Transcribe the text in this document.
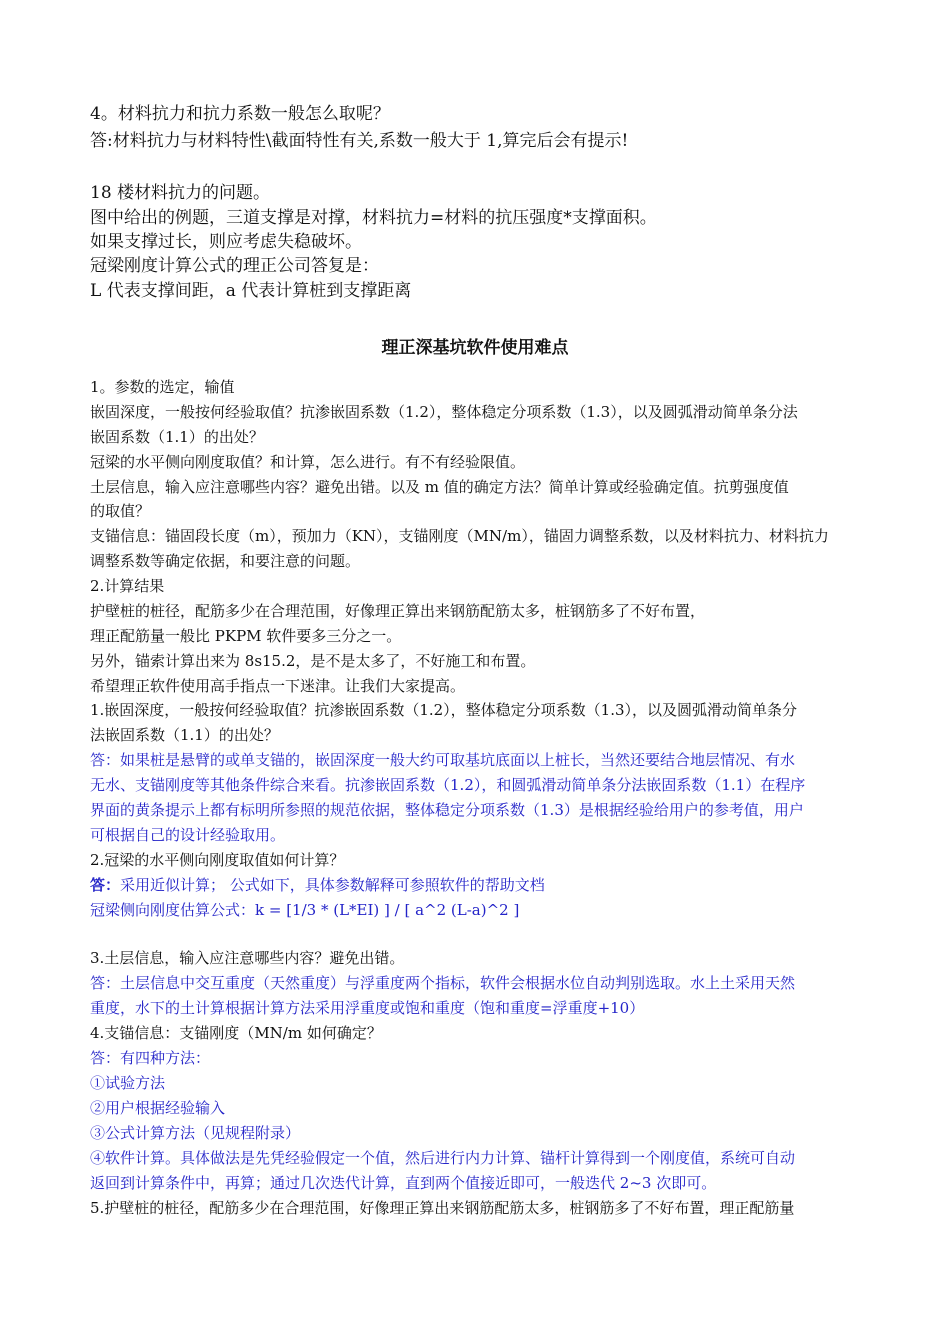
4。材料抗力和抗力系数一般怎么取呢？
答:材料抗力与材料特性\截面特性有关,系数一般大于 1,算完后会有提示!
18 楼材料抗力的问题。
图中给出的例题，三道支撑是对撑，材料抗力=材料的抗压强度*支撑面积。
如果支撑过长，则应考虑失稳破坏。
冠梁刚度计算公式的理正公司答复是：
L 代表支撑间距，a 代表计算桩到支撑距离
理正深基坑软件使用难点
1。参数的选定，输值
嵌固深度，一般按何经验取值？抗渗嵌固系数（1.2），整体稳定分项系数（1.3），以及圆弧滑动简单条分法
嵌固系数（1.1）的出处？
冠梁的水平侧向刚度取值？和计算，怎么进行。有不有经验限值。
土层信息，输入应注意哪些内容？避免出错。以及 m 值的确定方法？简单计算或经验确定值。抗剪强度值
的取值？
支锚信息：锚固段长度（m），预加力（KN），支锚刚度（MN/m），锚固力调整系数，以及材料抗力、材料抗力
调整系数等确定依据，和要注意的问题。
2.计算结果
护壁桩的桩径，配筋多少在合理范围，好像理正算出来钢筋配筋太多，桩钢筋多了不好布置，
理正配筋量一般比 PKPM 软件要多三分之一。
另外，锚索计算出来为 8s15.2，是不是太多了，不好施工和布置。
希望理正软件使用高手指点一下迷津。让我们大家提高。
1.嵌固深度，一般按何经验取值？抗渗嵌固系数（1.2），整体稳定分项系数（1.3），以及圆弧滑动简单条分
法嵌固系数（1.1）的出处？
答：如果桩是悬臂的或单支锚的，嵌固深度一般大约可取基坑底面以上桩长，当然还要结合地层情况、有水
无水、支锚刚度等其他条件综合来看。抗渗嵌固系数（1.2），和圆弧滑动简单条分法嵌固系数（1.1）在程序
界面的黄条提示上都有标明所参照的规范依据，整体稳定分项系数（1.3）是根据经验给用户的参考值，用户
可根据自己的设计经验取用。
2.冠梁的水平侧向刚度取值如何计算？
答：采用近似计算； 公式如下，具体参数解释可参照软件的帮助文档
冠梁侧向刚度估算公式：k = [1/3 * (L*EI) ] / [ a^2 (L-a)^2 ]
3.土层信息，输入应注意哪些内容？避免出错。
答：土层信息中交互重度（天然重度）与浮重度两个指标，软件会根据水位自动判别选取。水上土采用天然
重度，水下的土计算根据计算方法采用浮重度或饱和重度（饱和重度=浮重度+10）
4.支锚信息：支锚刚度（MN/m 如何确定？
答：有四种方法：
①试验方法
②用户根据经验输入
③公式计算方法（见规程附录）
④软件计算。具体做法是先凭经验假定一个值，然后进行内力计算、锚杆计算得到一个刚度值，系统可自动
返回到计算条件中，再算；通过几次迭代计算，直到两个值接近即可，一般迭代 2~3 次即可。
5.护壁桩的桩径，配筋多少在合理范围，好像理正算出来钢筋配筋太多，桩钢筋多了不好布置，理正配筋量
